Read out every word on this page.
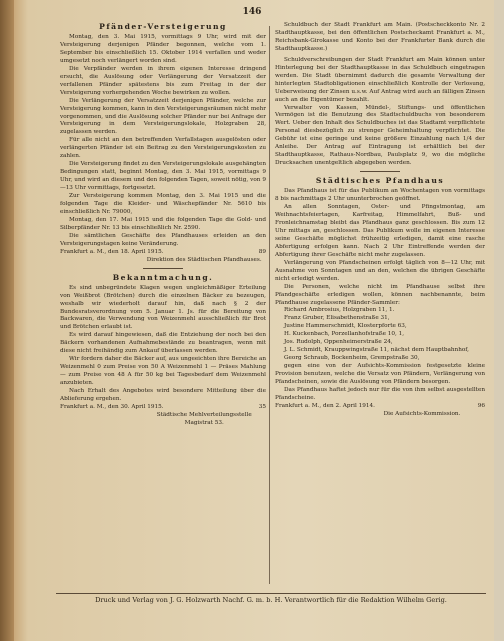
146
Pfänder-Versteigerung

Montag, den 3. Mai 1915, vormittags 9 Uhr, wird mit der Versteigerung derjenigen Pfänder begonnen, welche vom 1. September bis einschließlich 15. Oktober 1914 verfallen und weder umgesetzt noch verlängert worden sind.

Die Verpfänder werden in ihrem eigenen Interesse dringend ersucht, die Auslösung oder Verlängerung der Versatzzeit der verfallenen Pfänder spätestens bis zum Freitag in der der Versteigerung vorhergehenden Woche bewirken zu wollen.

Die Verlängerung der Versatzzeit derjenigen Pfänder, welche zur Versteigerung kommen, kann in den Versteigerungsräumen nicht mehr vorgenommen, und die Auslösung solcher Pfänder nur bei Anfrage der Versteigerung in dem Versteigerungslokale, Holzgraben 28, zugelassen werden.

Für alle nicht an den betreffenden Verfallstagen ausgelösten oder verlängerten Pfänder ist ein Beitrag zu den Versteigerungskosten zu zahlen.

Die Versteigerung findet zu den Versteigerungslokale ausgehängten Bedingungen statt, beginnt Montag, den 3. Mai 1915, vormittags 9 Uhr, und wird an diesem und den folgenden Tagen, soweit nötig, von 9—13 Uhr vormittags, fortgesetzt.

Zur Versteigerung kommen Montag, den 3. Mai 1915 und die folgenden Tage die Kleider- und Wäschepfänder Nr. 5610 bis einschließlich Nr. 79000,

Montag, den 17. Mai 1915 und die folgenden Tage die Gold- und Silberpfänder Nr. 13 bis einschließlich Nr. 2590.

Die sämtlichen Geschäfte des Pfandhauses erleiden an den Versteigerungstagen keine Veränderung.

Frankfurt a. M., den 18. April 1915.	89
Direktion des Städtischen Pfandhauses.
Bekanntmachung.

Es sind unbegründete Klagen wegen ungleichmäßiger Erteilung von Weißbrot (Brötchen) durch die einzelnen Bäcker zu bezeugen, weshalb wir wiederholt darauf hin, daß nach § 2 der Bundesratsverordnung vom 5. Januar 1. Js. für die Bereitung von Backwaren, die Verwendung von Weizenmehl ausschließlich für Brot und Brötchen erlaubt ist.
Es wird darauf hingewiesen, daß die Entziehung der noch bei den Bäckern vorhandenen Aufnahmebestände zu beantragen, wenn mit diese nicht freihändig zum Ankauf überlassen werden.

Wir fordern daher die Bäcker auf, aus ungeeichten ihre Bereiche an Weizenmehl 0 zum Preise von 50 A Weizenmehl 1 — Präses Mahlung — zum Preise von 48 A für 50 kg bei Tagesbedarf dem Weizenmehl anzubieten.

Nach Erhalt des Angebotes wird besondere Mitteilung über die Ablieferung ergehen.

Frankfurt a. M., den 30. April 1915.	35
Städtische Mehlverteilungsstelle
Magistrat 53.

Schuldbuch der Stadt Frankfurt am Main. (Postscheckkonto Nr. 2 Stadthauptkasse, bei den öffentlichen Postscheckamt Frankfurt a. M., Reichsbank-Girokasse und Konto bei der Frankfurter Bank durch die Stadthauptkasse.)

Schuldverschreibungen der Stadt Frankfurt am Main können unter Hinterlegung bei der Stadthauptkasse in das Schuldbuch eingetragen werden. Die Stadt übernimmt dadurch die gesamte Verwaltung der hinterlegten Stadtobligationen einschließlich Kontrolle der Verlosung, Ueberweisung der Zinsen u.s.w. Auf Antrag wird auch an fälligen Zinsen auch an die Eigentümer bezahlt.

Verwalter von Kassen, Mündel-, Stiftungs- und öffentlichen Vermögen ist die Benutzung des Stadtschuldbuchs von besonderem Wert. Ueber den Inhalt des Schuldbuches ist das Stadtamt verpflichtete Personal diesbezüglich zu strenger Geheimhaltung verpflichtet. Die Gebühr ist eine geringe und keine größere Einzahlung nach 1/4 der Anleihe. Der Antrag auf Eintragung ist erhältlich bei der Stadthauptkasse, Rathaus-Nordbau, Paulsplatz 9, wo die mögliche Drucksachen unentgeltlich abgegeben werden.

Städtisches Pfandhaus

Das Pfandhaus ist für das Publikum an Wochentagen von vormittags 8 bis nachmittags 2 Uhr ununterbrochen geöffnet.

An allen Sonntagen, Oster- und Pfingstmontag, am Weihnachtsfeiertagen, Karfreitag, Himmelfahrt, Buß- und Fronleichnamstag bleibt das Pfandhaus ganz geschlossen. Bis zum 12 Uhr mittags an, geschlossen. Das Publikum wolle im eigenen Interesse seine Geschäfte möglichst frühzeitig erledigen, damit eine rasche Abfertigung erfolgen kann. Nach 2 Uhr Eintreffende werden der Abfertigung ihrer Geschäfte nicht mehr zugelassen.

Verlängerung von Pfandscheinen erfolgt täglich von 8—12 Uhr, mit Ausnahme von Sonntagen und an den, welchen die übrigen Geschäfte nicht erledigt werden.

Die Personen, welche nicht im Pfandhause selbst ihre Pfandgeschäfte erledigen wollen, können nachbenannte, beim Pfandhause zugelassene Pfänder-Sammler:

Richard Ambrosius, Holzgraben 11, 1.
Franz Gruber, Elisabethenstraße 31,
Justine Hammerschmidt, Klosterpforte 63,
H. Kuckenbach, Porzellanhofstraße 10, 1,
Jos. Rudolph, Oppenheimerstraße 24,
J. L. Schmidt, Krauppwingstraße 11, nächst dem Hauptbahnhof,
Georg Schraub, Bockenheim, Grempstraße 30,
gegen eine von der Aufsichts-Kommission festgesetzte kleine Provision benutzen, welche die Versatz von Pfändern, Verlängerung von Pfandscheinen, sowie die Auslösung von Pfändern besorgen.

Das Pfandhaus haftet jedoch nur für die von ihm selbst ausgestellten Pfandscheine.

Frankfurt a. M., den 2. April 1914.	96
Die Aufsichts-Kommission.
Druck und Verlag von J. G. Holzwarth Nachf. G. m. b. H. Verantwortlich für die Redaktion Wilhelm Gerig.
